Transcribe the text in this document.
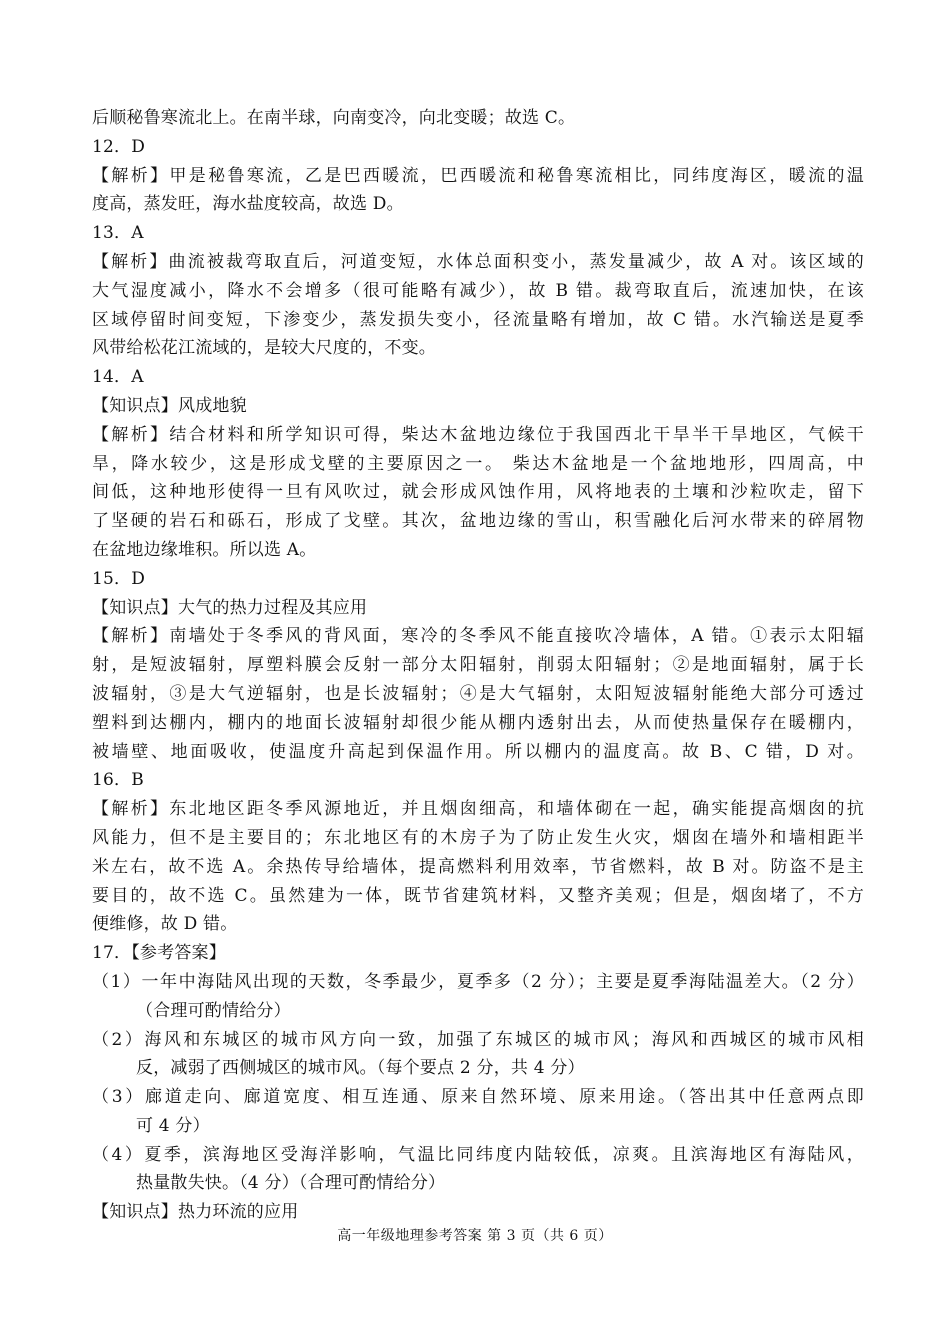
后顺秘鲁寒流北上。在南半球，向南变冷，向北变暖；故选 C。
12．D
【解析】甲是秘鲁寒流，乙是巴西暖流，巴西暖流和秘鲁寒流相比，同纬度海区，暖流的温
度高，蒸发旺，海水盐度较高，故选 D。
13．A
【解析】曲流被裁弯取直后，河道变短，水体总面积变小，蒸发量减少，故 A 对。该区域的
大气湿度减小，降水不会增多（很可能略有减少），故 B 错。裁弯取直后，流速加快，在该
区域停留时间变短，下渗变少，蒸发损失变小，径流量略有增加，故 C 错。水汽输送是夏季
风带给松花江流域的，是较大尺度的，不变。
14．A
【知识点】风成地貌
【解析】结合材料和所学知识可得，柴达木盆地边缘位于我国西北干旱半干旱地区，气候干
旱，降水较少，这是形成戈壁的主要原因之一。 柴达木盆地是一个盆地地形，四周高，中
间低，这种地形使得一旦有风吹过，就会形成风蚀作用，风将地表的土壤和沙粒吹走，留下
了坚硬的岩石和砾石，形成了戈壁。其次，盆地边缘的雪山，积雪融化后河水带来的碎屑物
在盆地边缘堆积。所以选 A。
15．D
【知识点】大气的热力过程及其应用
【解析】南墙处于冬季风的背风面，寒冷的冬季风不能直接吹冷墙体，A 错。①表示太阳辐
射，是短波辐射，厚塑料膜会反射一部分太阳辐射，削弱太阳辐射；②是地面辐射，属于长
波辐射，③是大气逆辐射，也是长波辐射；④是大气辐射，太阳短波辐射能绝大部分可透过
塑料到达棚内，棚内的地面长波辐射却很少能从棚内透射出去，从而使热量保存在暖棚内，
被墙壁、地面吸收，使温度升高起到保温作用。所以棚内的温度高。故 B、C 错，D 对。
16．B
【解析】东北地区距冬季风源地近，并且烟囱细高，和墙体砌在一起，确实能提高烟囱的抗
风能力，但不是主要目的；东北地区有的木房子为了防止发生火灾，烟囱在墙外和墙相距半
米左右，故不选 A。余热传导给墙体，提高燃料利用效率，节省燃料，故 B 对。防盗不是主
要目的，故不选 C。虽然建为一体，既节省建筑材料，又整齐美观；但是，烟囱堵了，不方
便维修，故 D 错。
17．【参考答案】
（1）一年中海陆风出现的天数，冬季最少，夏季多（2 分）；主要是夏季海陆温差大。（2 分）
（合理可酌情给分）
（2）海风和东城区的城市风方向一致，加强了东城区的城市风；海风和西城区的城市风相
反，减弱了西侧城区的城市风。（每个要点 2 分，共 4 分）
（3）廊道走向、廊道宽度、相互连通、原来自然环境、原来用途。（答出其中任意两点即
可 4 分）
（4）夏季，滨海地区受海洋影响，气温比同纬度内陆较低，凉爽。且滨海地区有海陆风，
热量散失快。（4 分）（合理可酌情给分）
【知识点】热力环流的应用
高一年级地理参考答案 第 3 页（共 6 页）
